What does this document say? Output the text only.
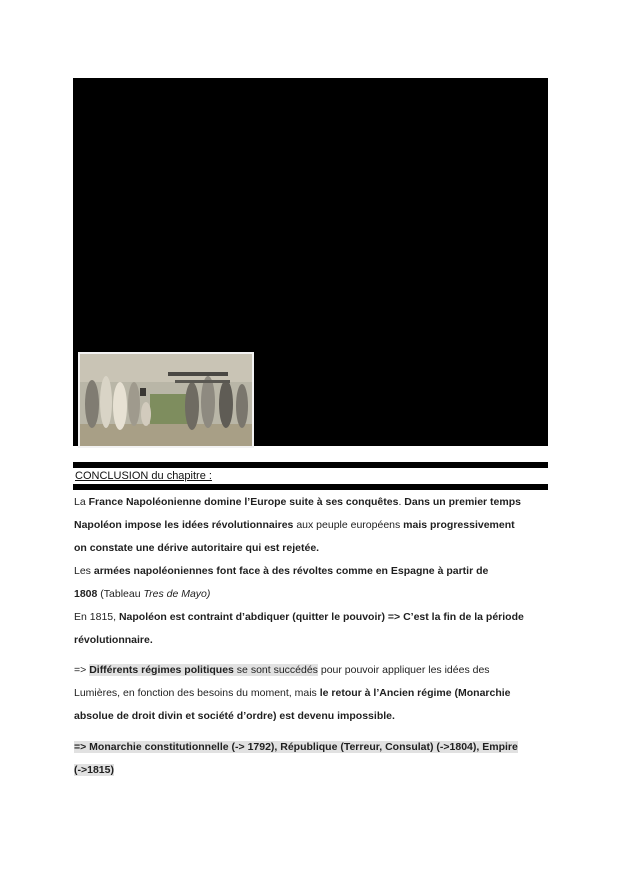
CONCLUSION du chapitre :
La France Napoléonienne domine l’Europe suite à ses conquêtes. Dans un premier temps
Napoléon impose les idées révolutionnaires aux peuple européens mais progressivement
on constate une dérive autoritaire qui est rejetée.
Les armées napoléoniennes font face à des révoltes comme en Espagne à partir de
1808 (Tableau Tres de Mayo)
En 1815, Napoléon est contraint d’abdiquer (quitter le pouvoir) => C’est la fin de la période
révolutionnaire.
=> Différents régimes politiques se sont succédés pour pouvoir appliquer les idées des
Lumières, en fonction des besoins du moment, mais le retour à l’Ancien régime (Monarchie
absolue de droit divin et société d’ordre) est devenu impossible.
=> Monarchie constitutionnelle (-> 1792), République (Terreur, Consulat) (->1804), Empire
(->1815)
